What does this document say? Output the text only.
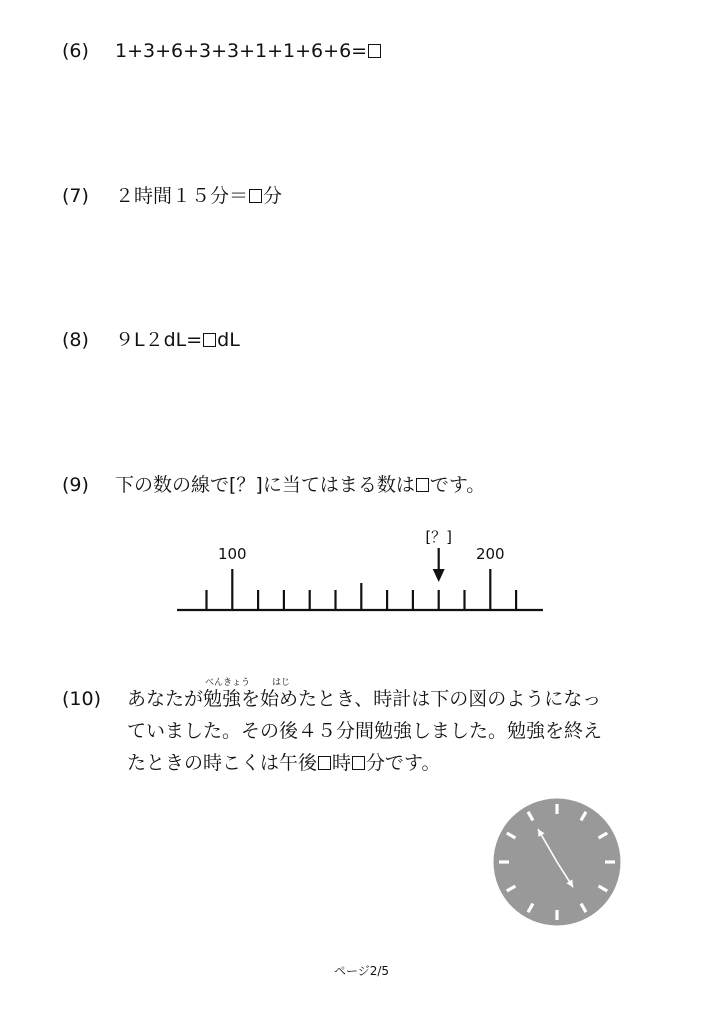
(6) 1+3+6+3+3+1+1+6+6=
(7) ２時間１５分＝ 分
(8) ９L２dL= dL
(9) 下の数の線で[？]に当てはまる数は です。
100	200
[？]
(10)
べんきょう はじ
あなたが勉強を始めたとき、時計は下の図のようになっ
ていました。その後４５分間勉強しました。勉強を終え
たときの時こくは午後 時 分です。
ページ2/5
